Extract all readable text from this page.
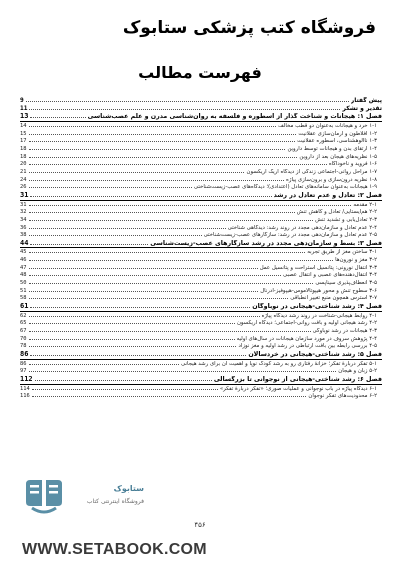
فروشگاه کتب پزشکی ستابوک
فهرست مطالب
پیش گفتار
9
تقدیر و تشکر
11
فصل ۱: هیجانات و شناخت گذار از اسطوره و فلسفه به روان‌شناسی مدرن و علم عصب‌شناسی
13
۱-۱ خرد و هیجانات به‌عنوان دو قطب مخالف
14
۱-۲ افلاطون و آرمان‌سازی عقلانیت
15
۱-۳ ناالوهشناسی، اسطوره عقلانیت
17
۱-۴ ارتقای بدن و هیجانات توسط داروین
18
۱-۵ نظریه‌های هیجان بعد از داروین
18
۱-۶ فروید و ناخودآگاه
20
۱-۷ مراحل روانی-اجتماعی زندگی از دیدگاه اریک اریکسون
21
۱-۸ نظریه درون‌سازی و برون‌سازی پیاژه
24
۱-۹ هیجانات به‌عنوان سامانه‌های تعادل (اعتدادی)؛ دیدگاه‌های عصب-زیست‌شناختی
26
فصل ۲: تعادل و عدم تعادل در رشد
31
۲-۱ مقدمه
31
۲-۲ هم‌ایستایی/ تعادل و کاهش تنش
32
۲-۳ تعادل‌یابی و تشدید تنش
34
۲-۴ عدم تعادل و سازمان‌دهی مجدد در روند رشد: دیدگاهی شناختی
36
۲-۵ عدم تعادل و سازمان‌دهی مجدد در رشد: سازگارهای عصب-زیست‌شناختی
38
فصل ۳: بسط و سازمان‌دهی مجدد در رشد سازگارهای عصب-زیست‌شناسی
44
۳-۱ ساختن مغز از طریق تجربه
45
۳-۲ مغز و نورون‌ها
46
۳-۳ انتقال نورونی: پتانسیل استراحت و پتانسیل عمل
47
۳-۴ انتقال‌دهنده‌های عصبی و انتقال عصبی
48
۳-۵ انعطاف‌پذیری سیناپسی
50
۳-۶ سطوح تنش و محور هیپوتالاموس-هیپوفیز-آدرنال
51
۳-۷ استرس همچون منبع تغییر انطباقی
58
فصل ۴: رشد شناختی-هیجانی در نوباوگان
61
۴-۱ روابط هیجانی-شناخت در روند رشد دیدگاه پیاژه
62
۴-۲ رشد هیجانی اولیه و بافت روانی-اجتماعی؛ دیدگاه اریکسون
65
۴-۳ هیجانات در رشد نوباوگی
67
۴-۴ پژوهش سروف در مورد سازمان هیجانات در سال‌های اولیه
70
۴-۵ بررسی رابطه بین بافت ارتباطی در رشد اولیه و مغز نوزاد
78
فصل ۵: رشد شناختی-هیجانی در خردسالان
86
۵-۱ تفکر دربارهٔ تفکر؛ خزانهٔ رفتاری رو به رشد کودک نوپا و اهمیت آن برای رشد هیجانی
86
۵-۲ زبان و هیجان
97
فصل ۶: رشد شناختی-هیجانی از نوجوانی تا بزرگسالی
112
۶-۱ دیدگاه پیاژه در باب نوجوانی و عملیات صوری؛ «تفکر دربارهٔ تفکر»
114
۶-۲ محدودیت‌های تفکر نوجوان
116
ستابوک
فروشگاه اینترنتی کتاب
۴۵۶
WWW.SETABOOK.COM
